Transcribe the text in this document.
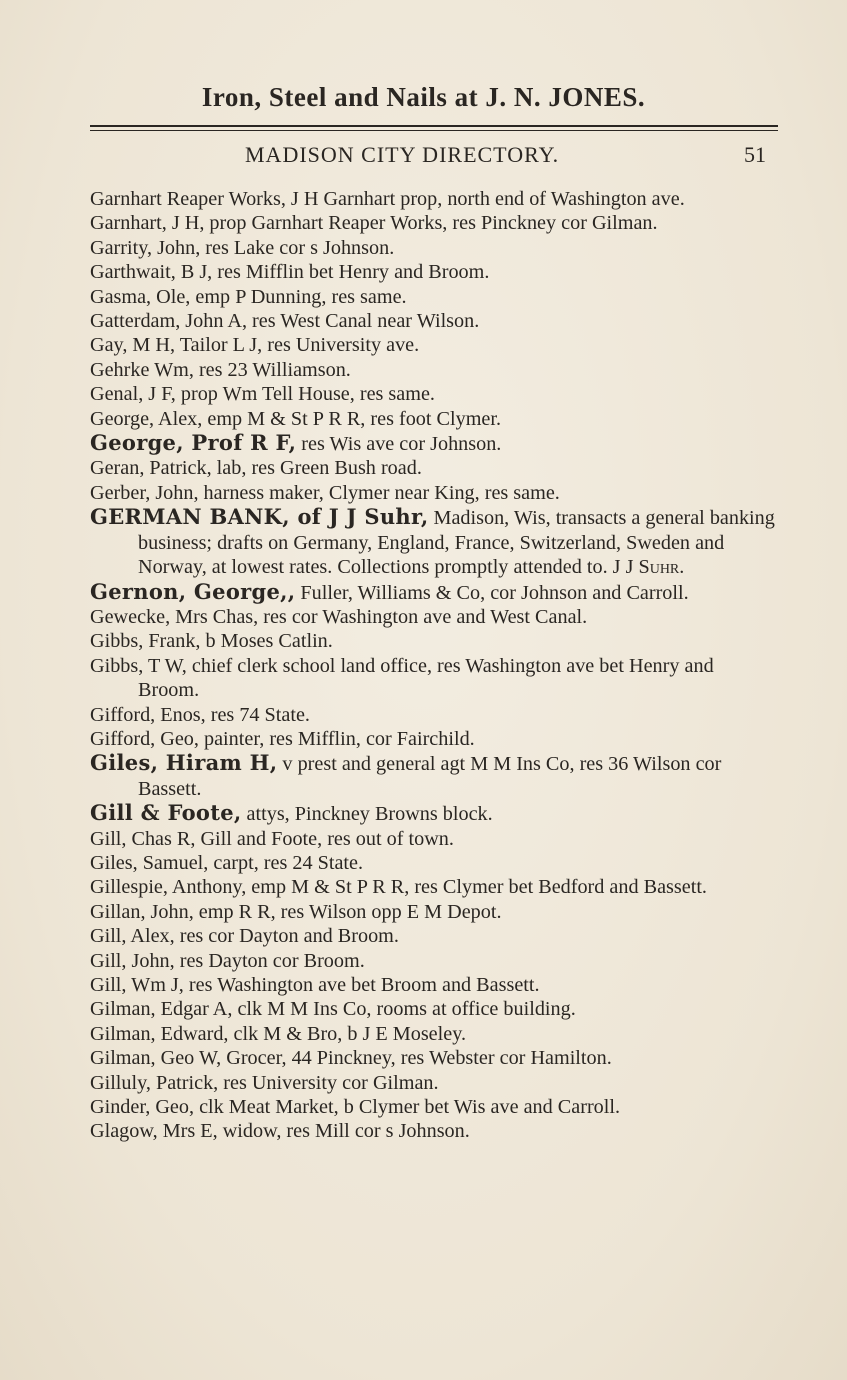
Iron, Steel and Nails at J. N. JONES.
MADISON CITY DIRECTORY.	51

Garnhart Reaper Works, J H Garnhart prop, north end of Washington ave.

Garnhart, J H, prop Garnhart Reaper Works, res Pinckney cor Gilman.

Garrity, John, res Lake cor s Johnson.

Garthwait, B J, res Mifflin bet Henry and Broom.

Gasma, Ole, emp P Dunning, res same.

Gatterdam, John A, res West Canal near Wilson.

Gay, M H, Tailor L J, res University ave.

Gehrke Wm, res 23 Williamson.

Genal, J F, prop Wm Tell House, res same.

George, Alex, emp M & St P R R, res foot Clymer.

George, Prof R F, res Wis ave cor Johnson.

Geran, Patrick, lab, res Green Bush road.

Gerber, John, harness maker, Clymer near King, res same.

GERMAN BANK, of J J Suhr, Madison, Wis, transacts a general banking business; drafts on Germany, England, France, Switzerland, Sweden and Norway, at lowest rates. Collections promptly attended to. J J Suhr.

Gernon, George,, Fuller, Williams & Co, cor Johnson and Carroll.

Gewecke, Mrs Chas, res cor Washington ave and West Canal.

Gibbs, Frank, b Moses Catlin.

Gibbs, T W, chief clerk school land office, res Washington ave bet Henry and Broom.

Gifford, Enos, res 74 State.

Gifford, Geo, painter, res Mifflin, cor Fairchild.

Giles, Hiram H, v prest and general agt M M Ins Co, res 36 Wilson cor Bassett.

Gill & Foote, attys, Pinckney Browns block.

Gill, Chas R, Gill and Foote, res out of town.

Giles, Samuel, carpt, res 24 State.

Gillespie, Anthony, emp M & St P R R, res Clymer bet Bedford and Bassett.

Gillan, John, emp R R, res Wilson opp E M Depot.

Gill, Alex, res cor Dayton and Broom.

Gill, John, res Dayton cor Broom.

Gill, Wm J, res Washington ave bet Broom and Bassett.

Gilman, Edgar A, clk M M Ins Co, rooms at office building.

Gilman, Edward, clk M & Bro, b J E Moseley.

Gilman, Geo W, Grocer, 44 Pinckney, res Webster cor Hamilton.

Gilluly, Patrick, res University cor Gilman.

Ginder, Geo, clk Meat Market, b Clymer bet Wis ave and Carroll.

Glagow, Mrs E, widow, res Mill cor s Johnson.
